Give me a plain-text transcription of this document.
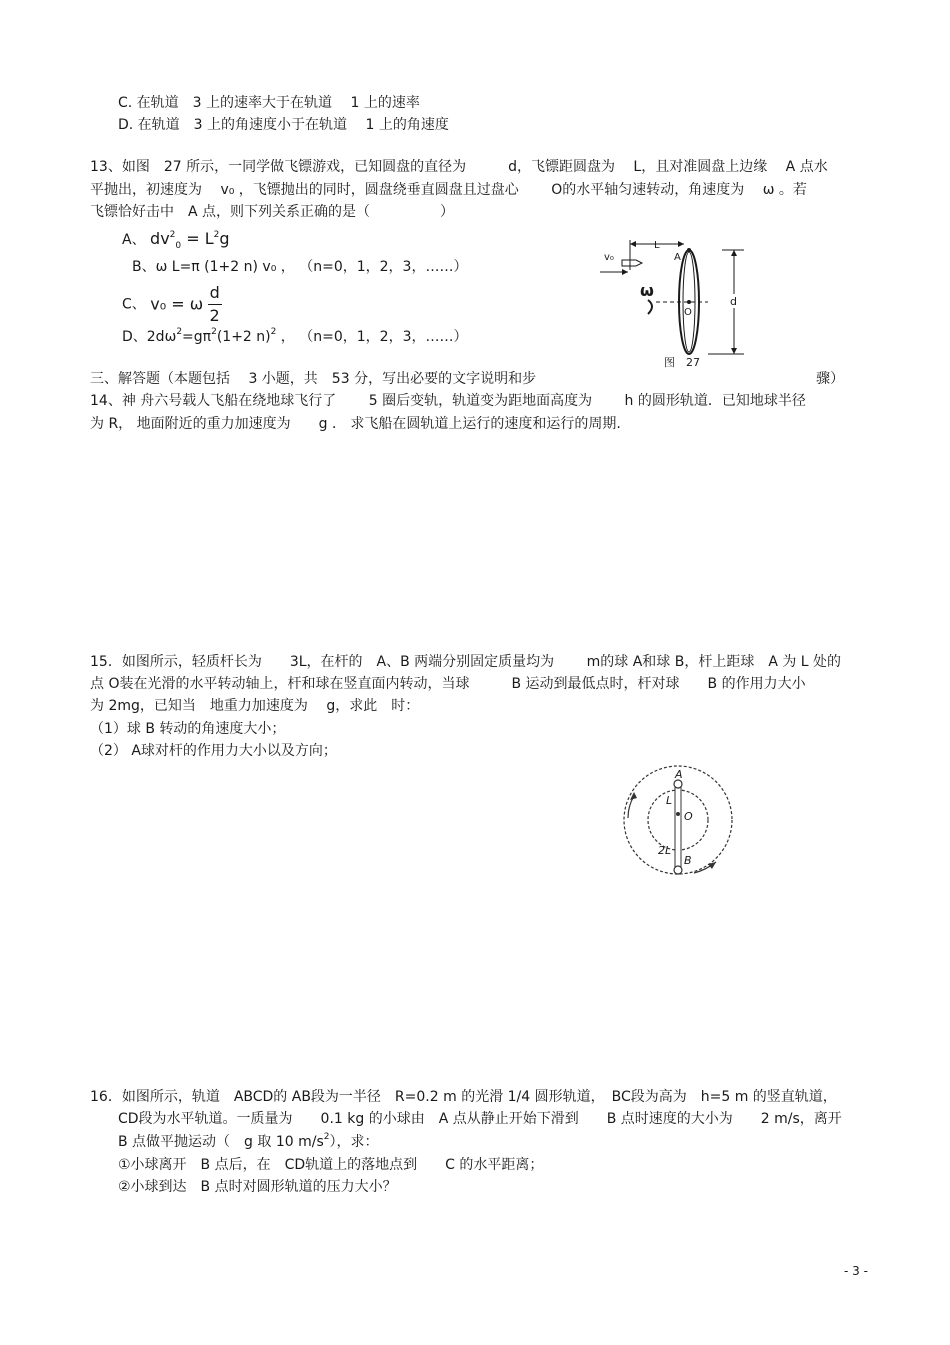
C. 在轨道　3 上的速率大于在轨道　 1 上的速率
D. 在轨道　3 上的角速度小于在轨道　 1 上的角速度
13、如图　27 所示，一同学做飞镖游戏，已知圆盘的直径为　　　d，飞镖距圆盘为　 L，且对准圆盘上边缘　 A 点水
平抛出，初速度为　 v₀ ，飞镖抛出的同时，圆盘绕垂直圆盘且过盘心　　 O的水平轴匀速转动，角速度为　 ω 。若
飞镖恰好击中　A 点，则下列关系正确的是（　　　　　）
A、 $dv^2_0 = L^2g$
B、ω L=π (1+2 n) v₀ ， （n=0，1，2，3，……）
C、 v₀ = ω $\frac{d}{2}$
D、$2d\omega^2=g\pi^2(1+2$ n)$^2$ ， （n=0，1，2，3，……）
L
v₀	A
O
ω
d
图　27
三、解答题（本题包括　 3 小题，共　53 分，写出必要的文字说明和步　　　　　　　　　　　　　　　　　　　　骤）
14、神 舟六号载人飞船在绕地球飞行了　　 5 圈后变轨，轨道变为距地面高度为　　 h 的圆形轨道．已知地球半径
为 R， 地面附近的重力加速度为　　g ． 求飞船在圆轨道上运行的速度和运行的周期.
15．如图所示，轻质杆长为　　3L，在杆的　A、B 两端分别固定质量均为　　 m的球 A和球 B，杆上距球　A 为 L 处的
点 O装在光滑的水平转动轴上，杆和球在竖直面内转动，当球　　　B 运动到最低点时，杆对球　　B 的作用力大小
为 2mg，已知当　地重力加速度为　 g，求此　时：
（1）球 B 转动的角速度大小；
（2） A球对杆的作用力大小以及方向；
A
L
O
2L
B
16．如图所示，轨道　ABCD的 AB段为一半径　R=0.2 m 的光滑 1/4 圆形轨道，　BC段为高为　h=5 m 的竖直轨道，
CD段为水平轨道。一质量为　　0.1 kg 的小球由　A 点从静止开始下滑到　　B 点时速度的大小为　　2 m/s，离开
B 点做平抛运动（　g 取 10 $m/s^2$），求：
①小球离开　B 点后，在　CD轨道上的落地点到　　C 的水平距离；
②小球到达　B 点时对圆形轨道的压力大小？
- 3 -
